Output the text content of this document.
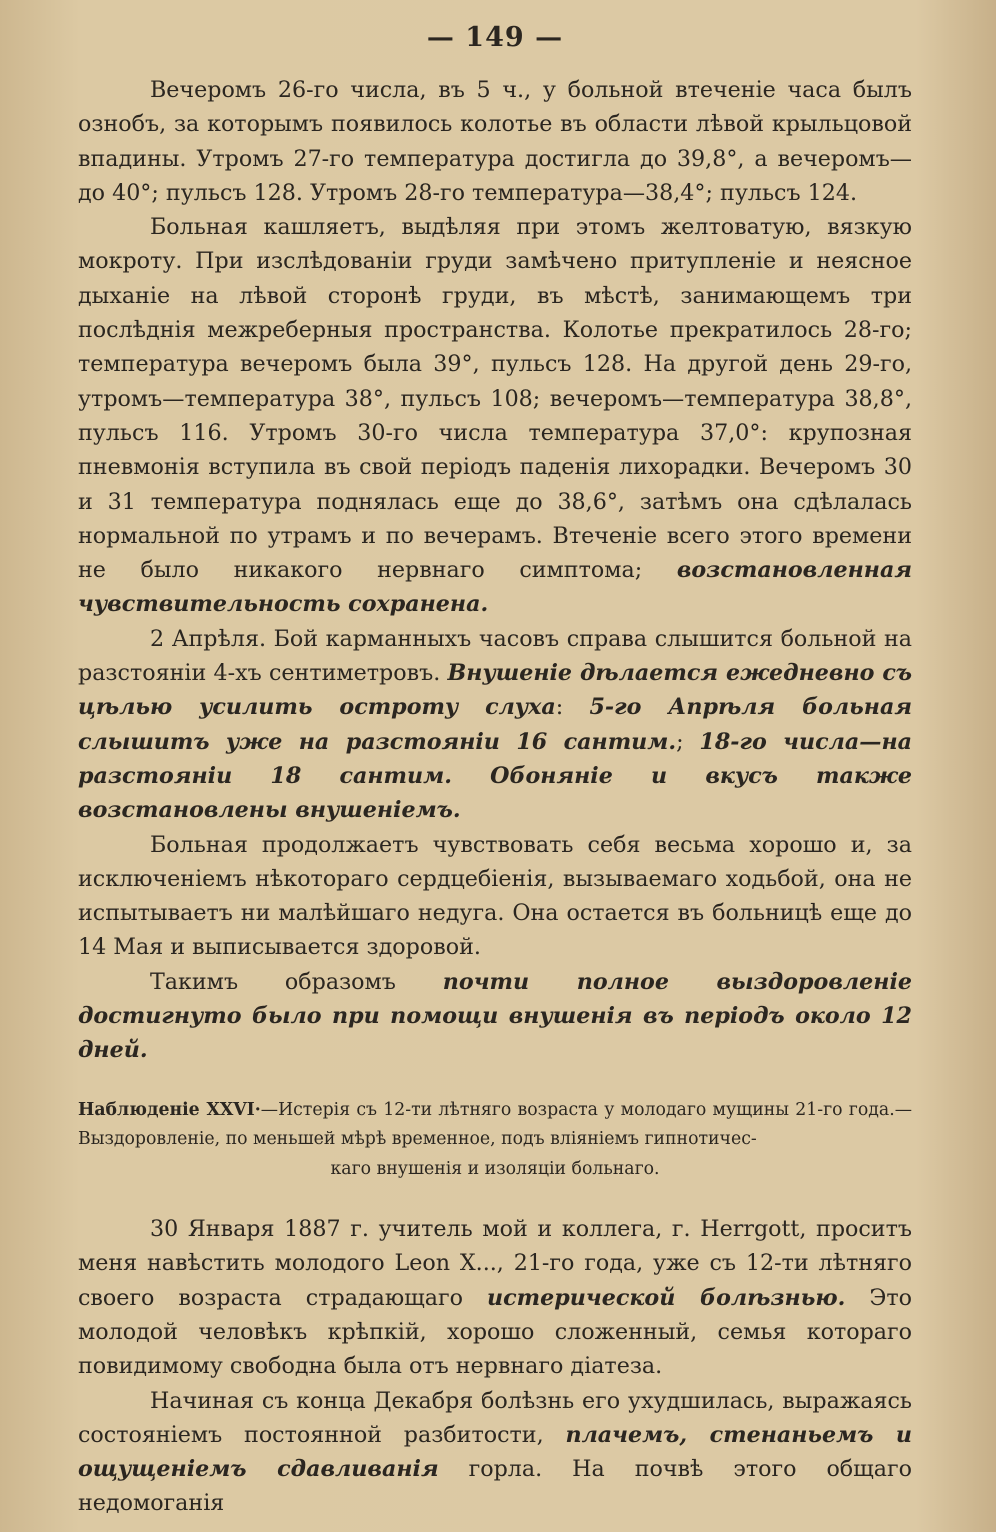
— 149 —

Вечеромъ 26-го числа, въ 5 ч., у больной втеченіе часа былъ ознобъ, за которымъ появилось колотье въ области лѣвой крыльцовой впадины. Утромъ 27-го температура достигла до 39,8°, а вечеромъ—до 40°; пульсъ 128. Утромъ 28-го температура—38,4°; пульсъ 124.

Больная кашляетъ, выдѣляя при этомъ желтоватую, вязкую мокроту. При изслѣдованіи груди замѣчено притупленіе и неясное дыханіе на лѣвой сторонѣ груди, въ мѣстѣ, занимающемъ три послѣднія межреберныя пространства. Колотье прекратилось 28-го; температура вечеромъ была 39°, пульсъ 128. На другой день 29-го, утромъ—температура 38°, пульсъ 108; вечеромъ—температура 38,8°, пульсъ 116. Утромъ 30-го числа температура 37,0°: крупозная пневмонія вступила въ свой періодъ паденія лихорадки. Вечеромъ 30 и 31 температура поднялась еще до 38,6°, затѣмъ она сдѣлалась нормальной по утрамъ и по вечерамъ. Втеченіе всего этого времени не было никакого нервнаго симптома; возстановленная чувствительность сохранена.

2 Апрѣля. Бой карманныхъ часовъ справа слышится больной на разстояніи 4-хъ сентиметровъ. Внушеніе дѣлается ежедневно съ цѣлью усилить остроту слуха: 5-го Апрѣля больная слышитъ уже на разстояніи 16 сантим.; 18-го числа—на разстояніи 18 сантим. Обоняніе и вкусъ также возстановлены внушеніемъ.

Больная продолжаетъ чувствовать себя весьма хорошо и, за исключеніемъ нѣкотораго сердцебіенія, вызываемаго ходьбой, она не испытываетъ ни малѣйшаго недуга. Она остается въ больницѣ еще до 14 Мая и выписывается здоровой.

Такимъ образомъ почти полное выздоровленіе достигнуто было при помощи внушенія въ періодъ около 12 дней.

Наблюденіе XXVI·—Истерія съ 12-ти лѣтняго возраста у молодаго мущины 21-го года.—Выздоровленіе, по меньшей мѣрѣ временное, подъ вліяніемъ гипнотичес-
каго внушенія и изоляціи больнаго.

30 Января 1887 г. учитель мой и коллега, г. Herrgott, проситъ меня навѣстить молодого Leon X..., 21-го года, уже съ 12-ти лѣтняго своего возраста страдающаго истерической болѣзнью. Это молодой человѣкъ крѣпкій, хорошо сложенный, семья котораго повидимому свободна была отъ нервнаго діатеза.

Начиная съ конца Декабря болѣзнь его ухудшилась, выражаясь состояніемъ постоянной разбитости, плачемъ, стенаньемъ и ощущеніемъ сдавливанія горла. На почвѣ этого общаго недомоганія
